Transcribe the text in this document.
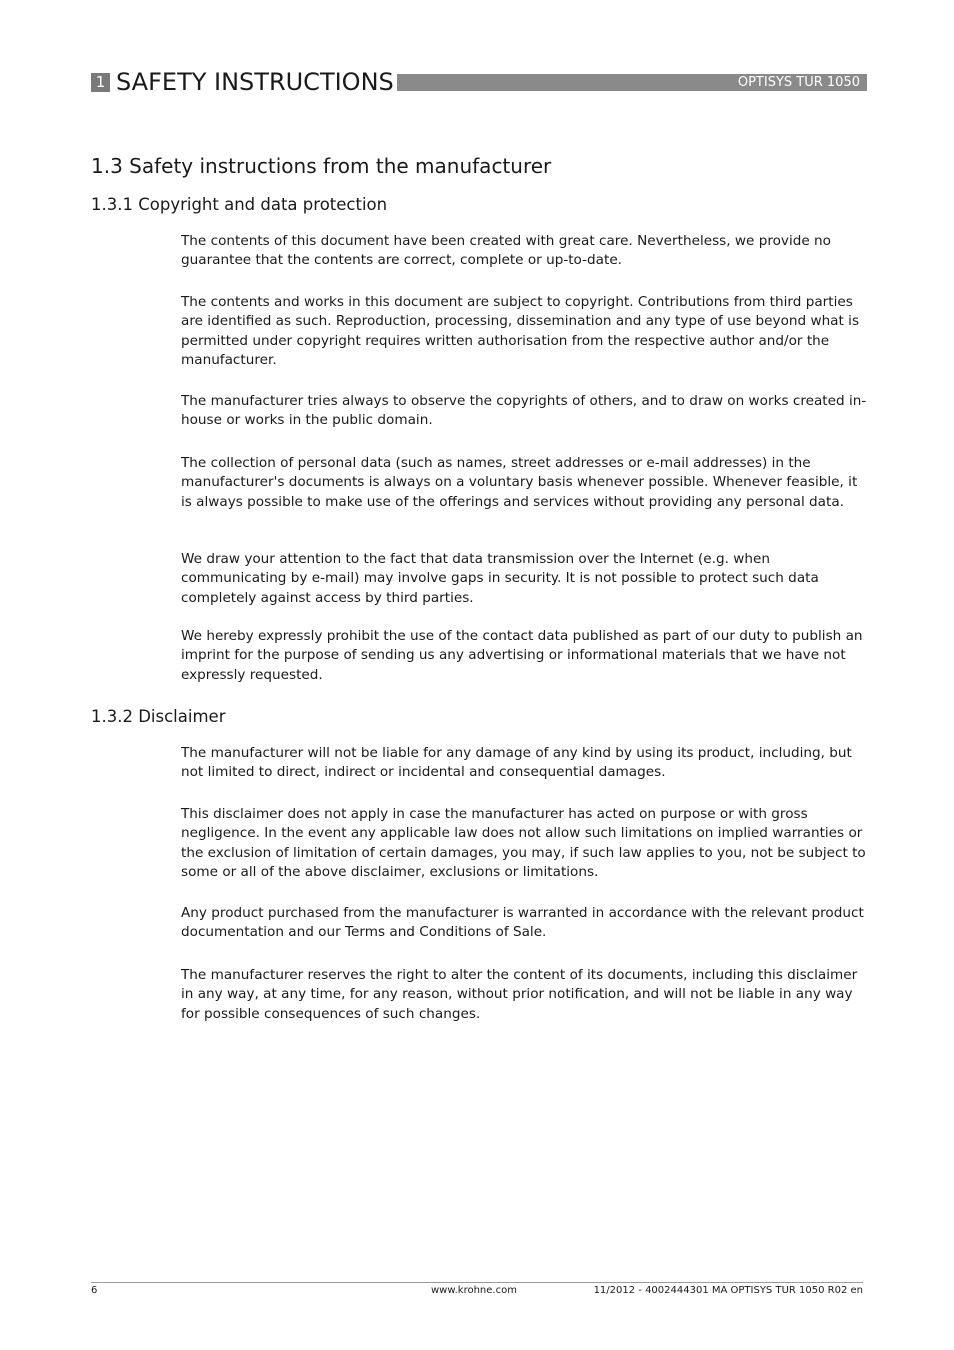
1 SAFETY INSTRUCTIONS	OPTISYS TUR 1050
1.3 Safety instructions from the manufacturer
1.3.1 Copyright and data protection

The contents of this document have been created with great care. Nevertheless, we provide no guarantee that the contents are correct, complete or up-to-date.

The contents and works in this document are subject to copyright. Contributions from third parties are identified as such. Reproduction, processing, dissemination and any type of use beyond what is permitted under copyright requires written authorisation from the respective author and/or the manufacturer.

The manufacturer tries always to observe the copyrights of others, and to draw on works created in-house or works in the public domain.

The collection of personal data (such as names, street addresses or e-mail addresses) in the manufacturer's documents is always on a voluntary basis whenever possible. Whenever feasible, it is always possible to make use of the offerings and services without providing any personal data.

We draw your attention to the fact that data transmission over the Internet (e.g. when communicating by e-mail) may involve gaps in security. It is not possible to protect such data completely against access by third parties.

We hereby expressly prohibit the use of the contact data published as part of our duty to publish an imprint for the purpose of sending us any advertising or informational materials that we have not expressly requested.

1.3.2 Disclaimer

The manufacturer will not be liable for any damage of any kind by using its product, including, but not limited to direct, indirect or incidental and consequential damages.

This disclaimer does not apply in case the manufacturer has acted on purpose or with gross negligence. In the event any applicable law does not allow such limitations on implied warranties or the exclusion of limitation of certain damages, you may, if such law applies to you, not be subject to some or all of the above disclaimer, exclusions or limitations.

Any product purchased from the manufacturer is warranted in accordance with the relevant product documentation and our Terms and Conditions of Sale.

The manufacturer reserves the right to alter the content of its documents, including this disclaimer in any way, at any time, for any reason, without prior notification, and will not be liable in any way for possible consequences of such changes.

6	www.krohne.com	11/2012 - 4002444301 MA OPTISYS TUR 1050 R02 en
